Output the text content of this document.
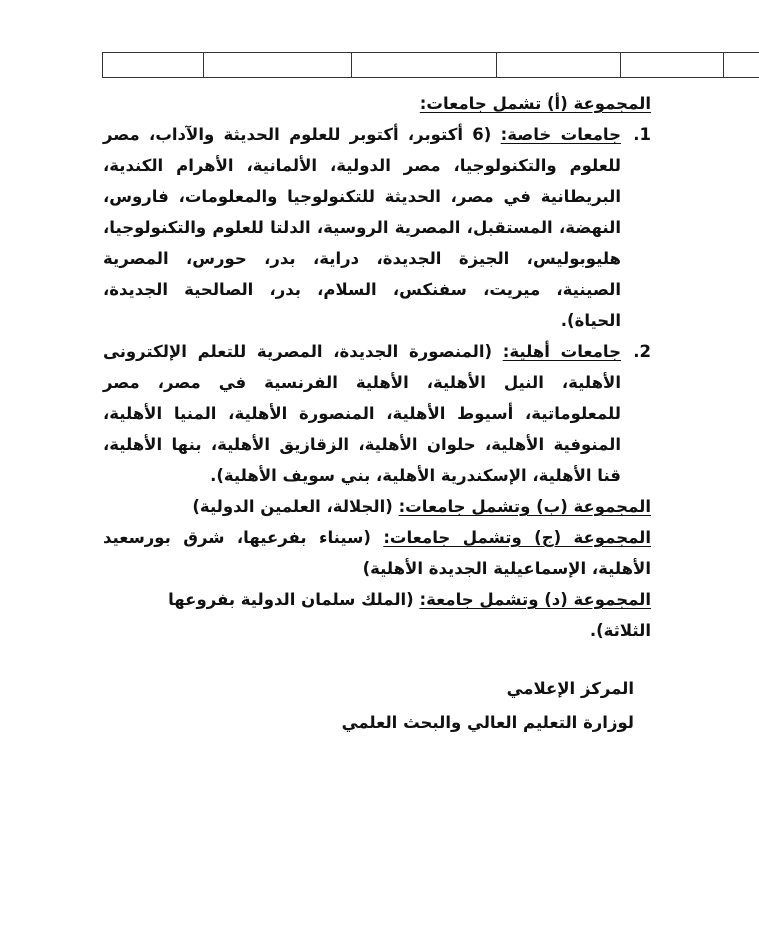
المجموعة (أ) تشمل جامعات:

1.
جامعات خاصة: (6 أكتوبر، أكتوبر للعلوم الحديثة والآداب، مصر للعلوم والتكنولوجيا، مصر الدولية، الألمانية، الأهرام الكندية، البريطانية في مصر، الحديثة للتكنولوجيا والمعلومات، فاروس، النهضة، المستقبل، المصرية الروسية، الدلتا للعلوم والتكنولوجيا، هليوبوليس، الجيزة الجديدة، دراية، بدر، حورس، المصرية الصينية، ميريت، سفنكس، السلام، بدر، الصالحية الجديدة، الحياة).

2.
جامعات أهلية: (المنصورة الجديدة، المصرية للتعلم الإلكترونى الأهلية، النيل الأهلية، الأهلية الفرنسية في مصر، مصر للمعلوماتية، أسيوط الأهلية، المنصورة الأهلية، المنيا الأهلية، المنوفية الأهلية، حلوان الأهلية، الزقازيق الأهلية، بنها الأهلية، قنا الأهلية، الإسكندرية الأهلية، بني سويف الأهلية).

المجموعة (ب) وتشمل جامعات: (الجلالة، العلمين الدولية)

المجموعة (ج) وتشمل جامعات: (سيناء بفرعيها، شرق بورسعيد الأهلية، الإسماعيلية الجديدة الأهلية)

المجموعة (د) وتشمل جامعة: (الملك سلمان الدولية بفروعها الثلاثة).

المركز الإعلامي

لوزارة التعليم العالي والبحث العلمي
